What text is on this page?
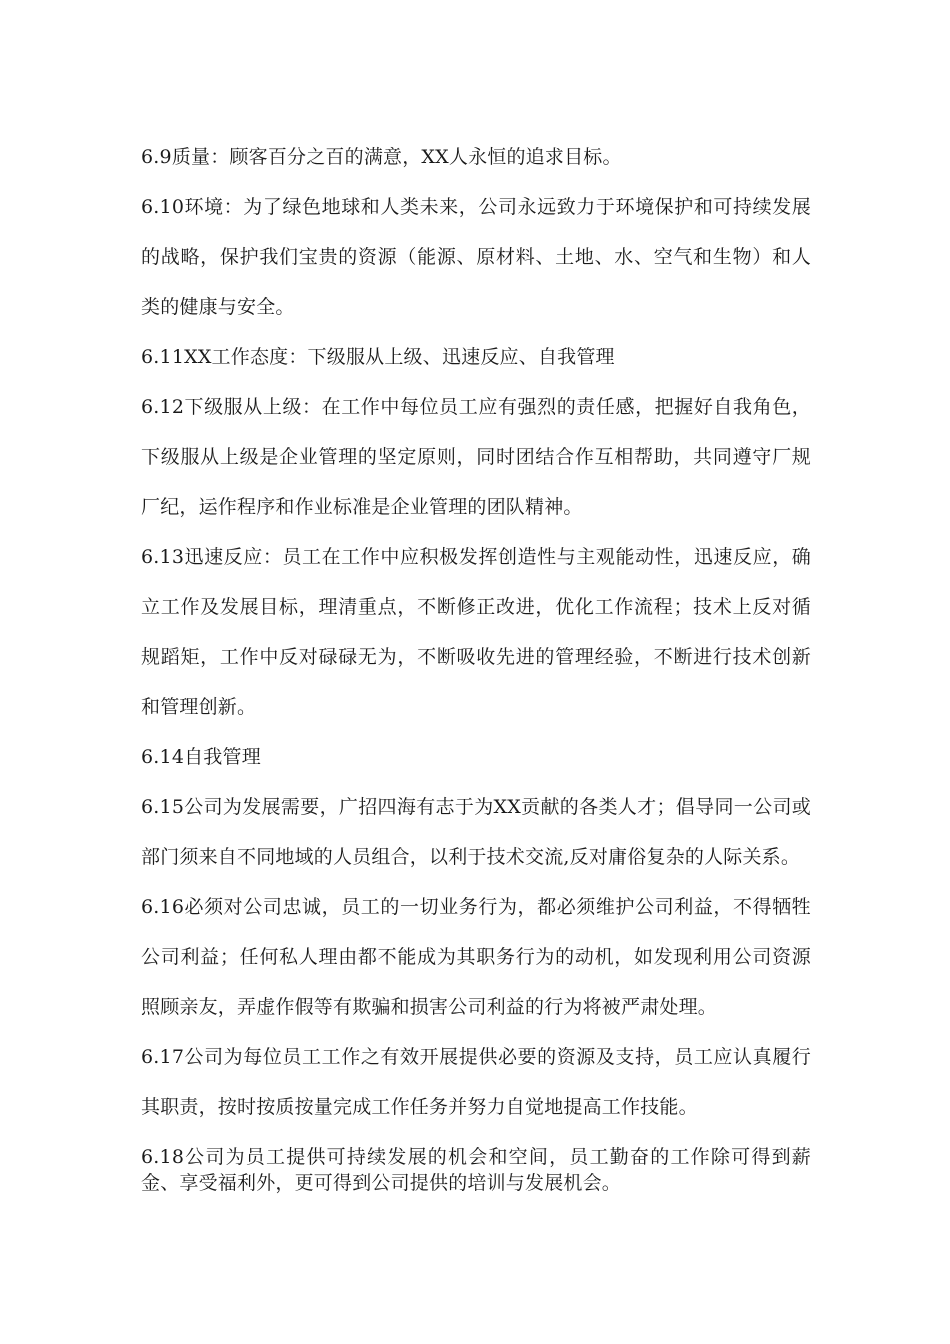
6.9质量：顾客百分之百的满意，XX人永恒的追求目标。

6.10环境：为了绿色地球和人类未来，公司永远致力于环境保护和可持续发展的战略，保护我们宝贵的资源（能源、原材料、土地、水、空气和生物）和人类的健康与安全。

6.11XX工作态度：下级服从上级、迅速反应、自我管理

6.12下级服从上级：在工作中每位员工应有强烈的责任感，把握好自我角色，下级服从上级是企业管理的坚定原则，同时团结合作互相帮助，共同遵守厂规厂纪，运作程序和作业标准是企业管理的团队精神。

6.13迅速反应：员工在工作中应积极发挥创造性与主观能动性，迅速反应，确立工作及发展目标，理清重点，不断修正改进，优化工作流程；技术上反对循规蹈矩，工作中反对碌碌无为，不断吸收先进的管理经验，不断进行技术创新和管理创新。

6.14自我管理

6.15公司为发展需要，广招四海有志于为XX贡献的各类人才；倡导同一公司或部门须来自不同地域的人员组合，以利于技术交流,反对庸俗复杂的人际关系。

6.16必须对公司忠诚，员工的一切业务行为，都必须维护公司利益，不得牺牲公司利益；任何私人理由都不能成为其职务行为的动机，如发现利用公司资源照顾亲友，弄虚作假等有欺骗和损害公司利益的行为将被严肃处理。

6.17公司为每位员工工作之有效开展提供必要的资源及支持，员工应认真履行其职责，按时按质按量完成工作任务并努力自觉地提高工作技能。

6.18公司为员工提供可持续发展的机会和空间，员工勤奋的工作除可得到薪金、享受福利外，更可得到公司提供的培训与发展机会。
